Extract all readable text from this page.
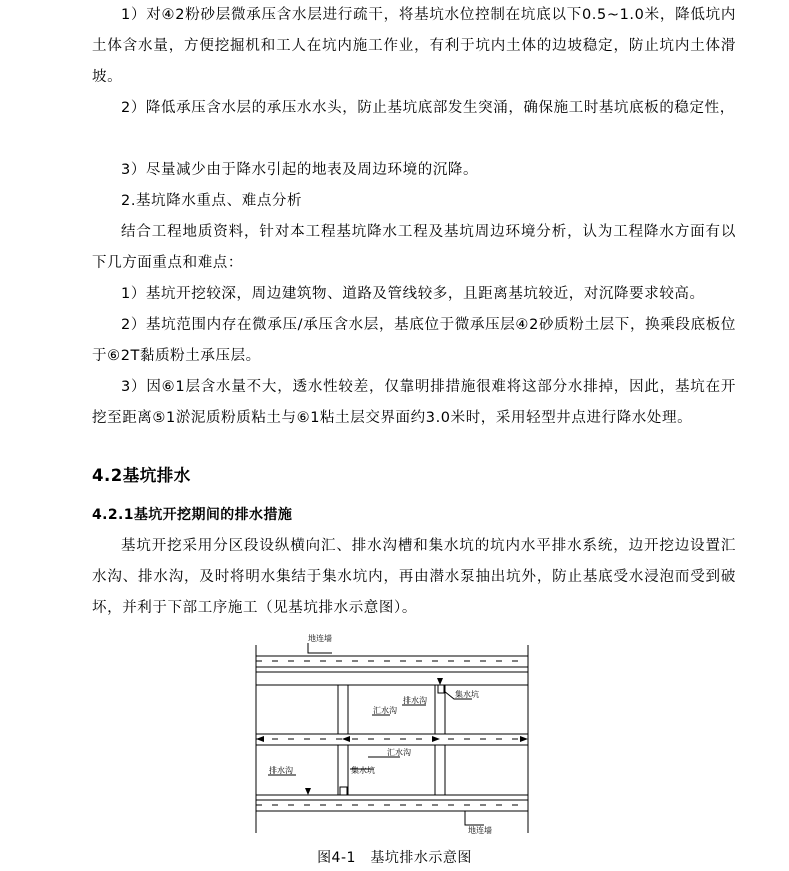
1）对④2粉砂层微承压含水层进行疏干，将基坑水位控制在坑底以下0.5~1.0米，降低坑内土体含水量，方便挖掘机和工人在坑内施工作业，有利于坑内土体的边坡稳定，防止坑内土体滑坡。

2）降低承压含水层的承压水水头，防止基坑底部发生突涌，确保施工时基坑底板的稳定性，

3）尽量减少由于降水引起的地表及周边环境的沉降。

2.基坑降水重点、难点分析

结合工程地质资料，针对本工程基坑降水工程及基坑周边环境分析，认为工程降水方面有以下几方面重点和难点：

1）基坑开挖较深，周边建筑物、道路及管线较多，且距离基坑较近，对沉降要求较高。

2）基坑范围内存在微承压/承压含水层，基底位于微承压层④2砂质粉土层下，换乘段底板位于⑥2T黏质粉土承压层。

3）因⑥1层含水量不大，透水性较差，仅靠明排措施很难将这部分水排掉，因此，基坑在开挖至距离⑤1淤泥质粉质粘土与⑥1粘土层交界面约3.0米时，采用轻型井点进行降水处理。

4.2基坑排水
4.2.1基坑开挖期间的排水措施

基坑开挖采用分区段设纵横向汇、排水沟槽和集水坑的坑内水平排水系统，边开挖边设置汇水沟、排水沟，及时将明水集结于集水坑内，再由潜水泵抽出坑外，防止基底受水浸泡而受到破坏，并利于下部工序施工（见基坑排水示意图）。

地连墙
集水坑
汇水沟
排水沟
汇水沟
排水沟	集水坑
地连墙
图4-1　基坑排水示意图
